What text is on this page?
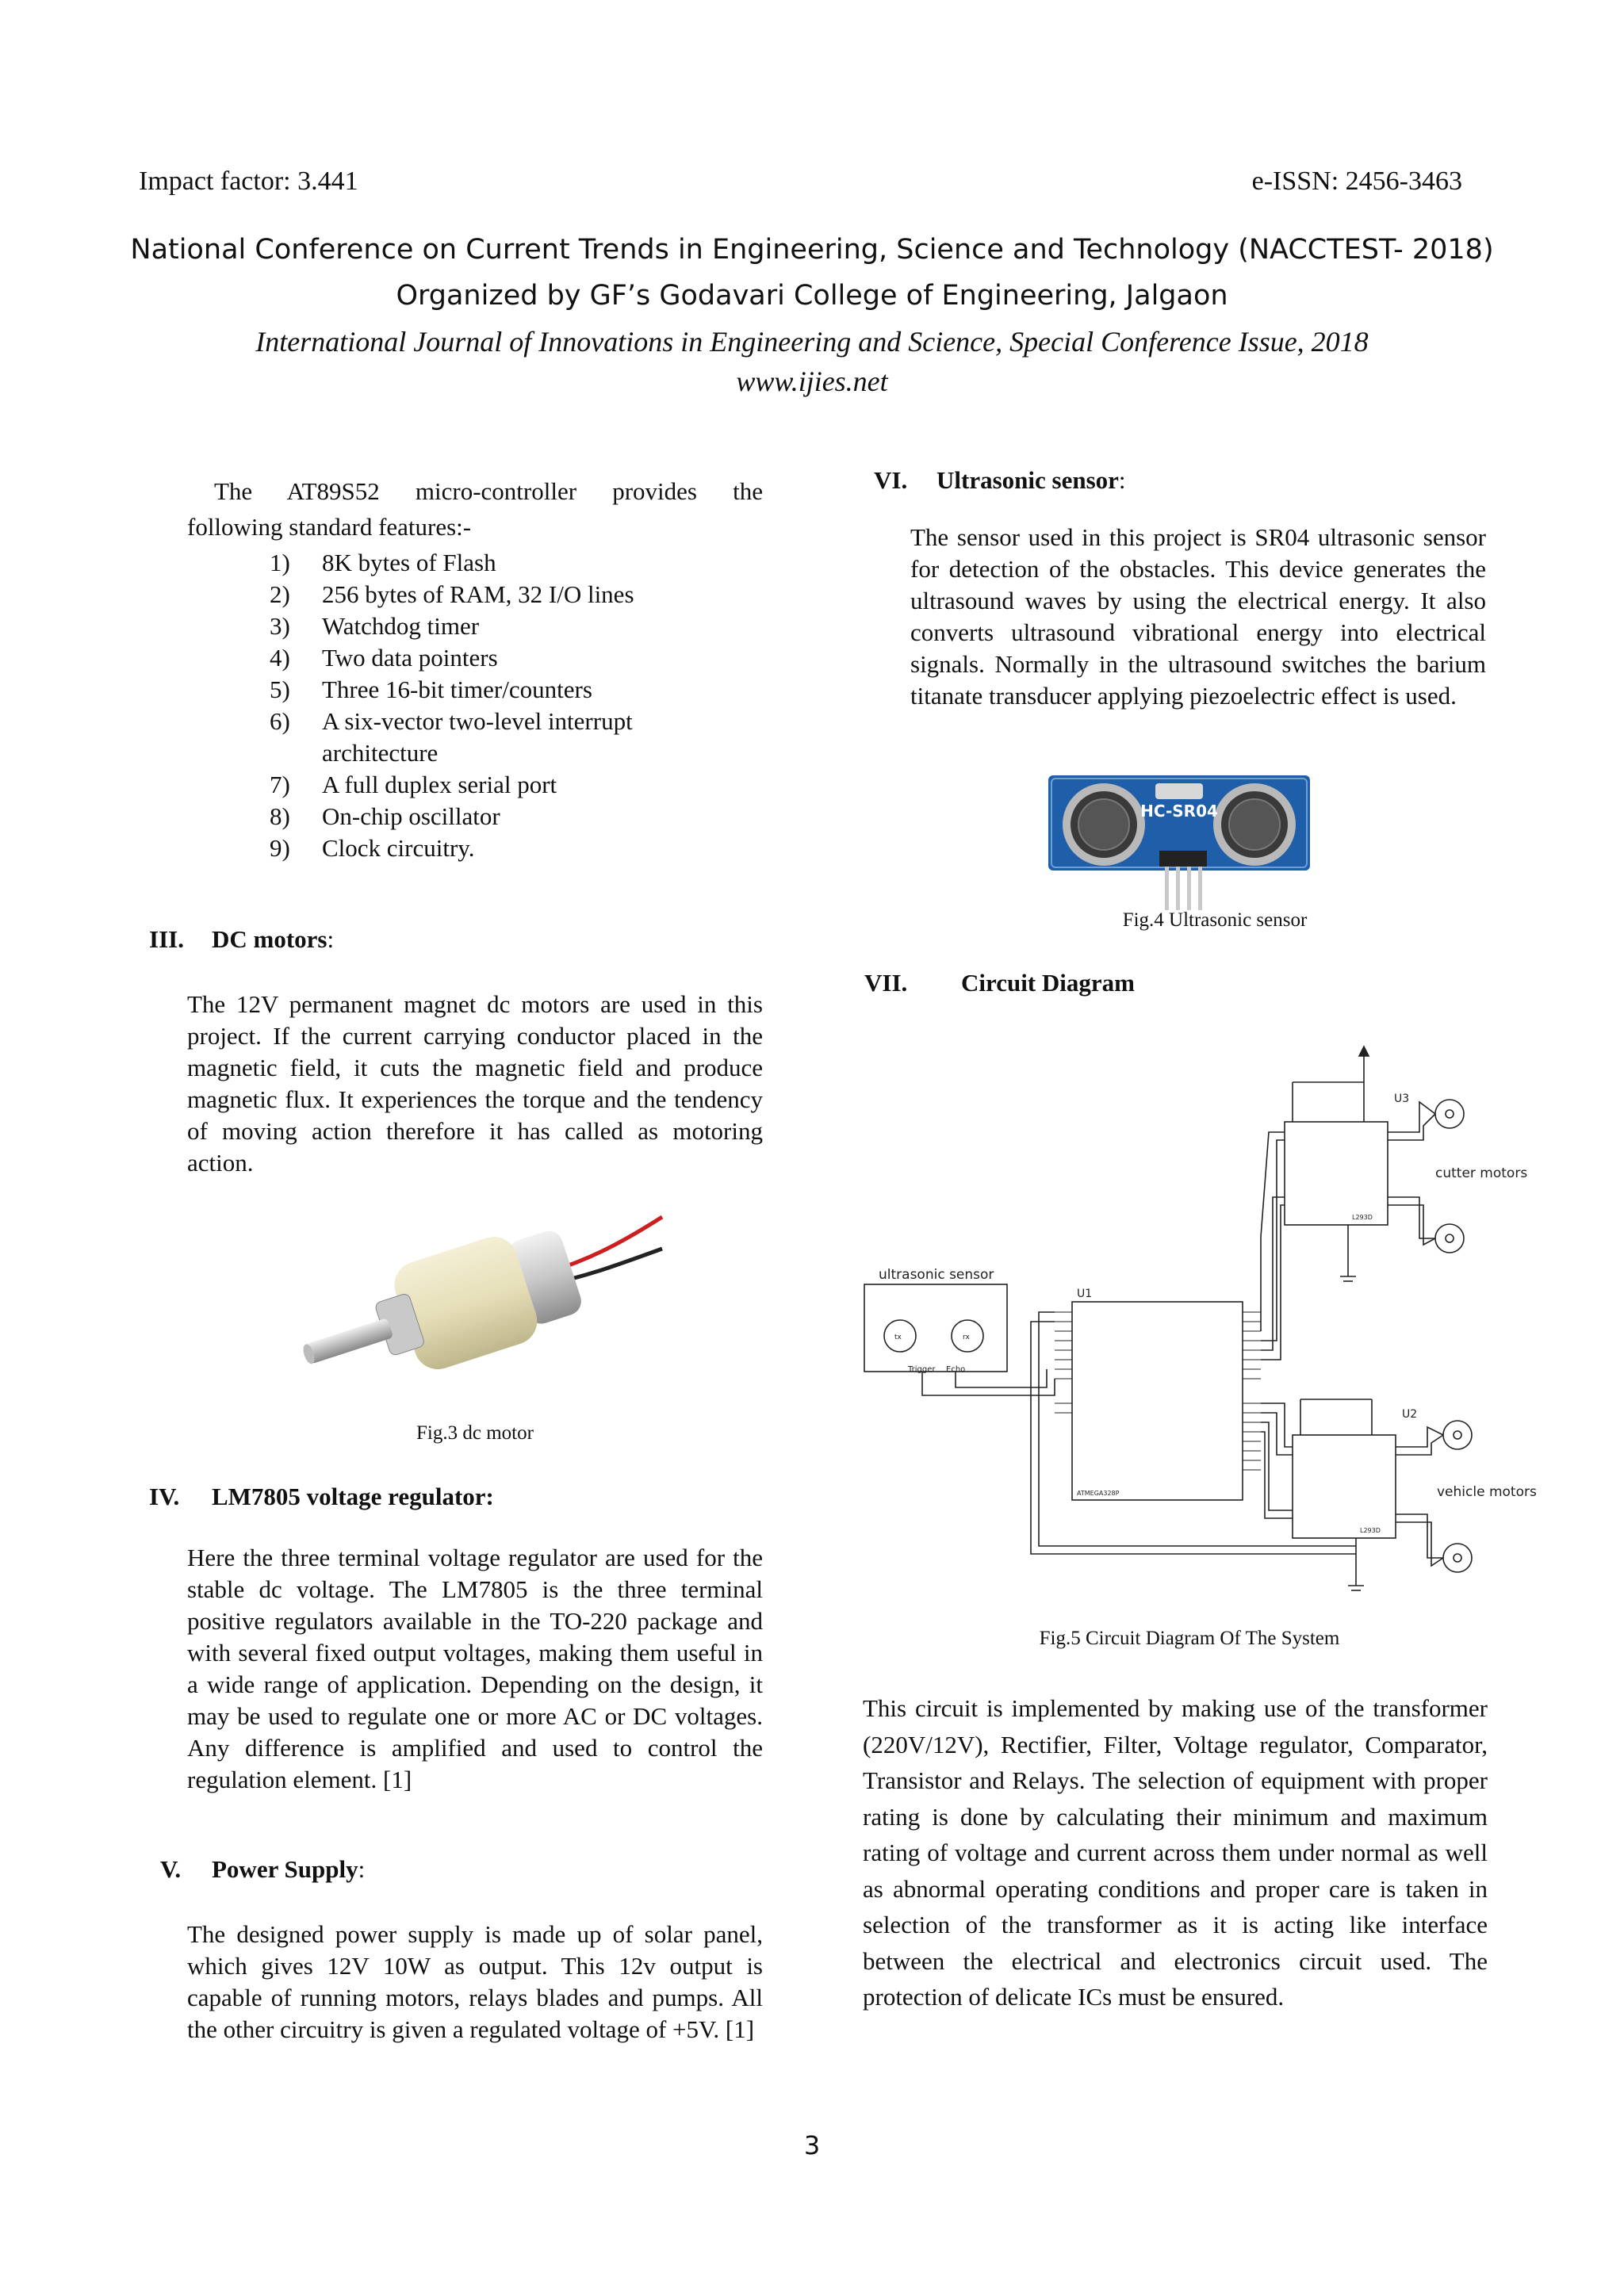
Impact factor: 3.441	e-ISSN: 2456-3463
National Conference on Current Trends in Engineering, Science and Technology (NACCTEST- 2018)
Organized by GF’s Godavari College of Engineering, Jalgaon
International Journal of Innovations in Engineering and Science, Special Conference Issue, 2018
www.ijies.net
The AT89S52 micro-controller provides the
following standard features:-
1)	8K bytes of Flash
2)	256 bytes of RAM, 32 I/O lines
3)	Watchdog timer
4)	Two data pointers
5)	Three 16-bit timer/counters
6)	A six-vector two-level interrupt
architecture
7)	A full duplex serial port
8)	On-chip oscillator
9)	Clock circuitry.
III. DC motors:
The 12V permanent magnet dc motors are used in this project. If the current carrying conductor placed in the magnetic field, it cuts the magnetic field and produce magnetic flux. It experiences the torque and the tendency of moving action therefore it has called as motoring action.
Fig.3 dc motor
IV. LM7805 voltage regulator:
Here the three terminal voltage regulator are used for the stable dc voltage. The LM7805 is the three terminal positive regulators available in the TO-220 package and with several fixed output voltages, making them useful in a wide range of application. Depending on the design, it may be used to regulate one or more AC or DC voltages. Any difference is amplified and used to control the regulation element. [1]
V. Power Supply:
The designed power supply is made up of solar panel, which gives 12V 10W as output. This 12v output is capable of running motors, relays blades and pumps. All the other circuitry is given a regulated voltage of +5V. [1]
VI. Ultrasonic sensor:
The sensor used in this project is SR04 ultrasonic sensor for detection of the obstacles. This device generates the ultrasound waves by using the electrical energy. It also converts ultrasound vibrational energy into electrical signals. Normally in the ultrasound switches the barium titanate transducer applying piezoelectric effect is used.
HC-SR04
Fig.4 Ultrasonic sensor
VII. Circuit Diagram
U3
L293D
cutter motors
U1
ATMEGA328P
ultrasonic sensor
tx	rx
Trigger Echo
U2
L293D
vehicle motors
Fig.5 Circuit Diagram Of The System
This circuit is implemented by making use of the transformer (220V/12V), Rectifier, Filter, Voltage regulator, Comparator, Transistor and Relays. The selection of equipment with proper rating is done by calculating their minimum and maximum rating of voltage and current across them under normal as well as abnormal operating conditions and proper care is taken in selection of the transformer as it is acting like interface between the electrical and electronics circuit used. The protection of delicate ICs must be ensured.
3
